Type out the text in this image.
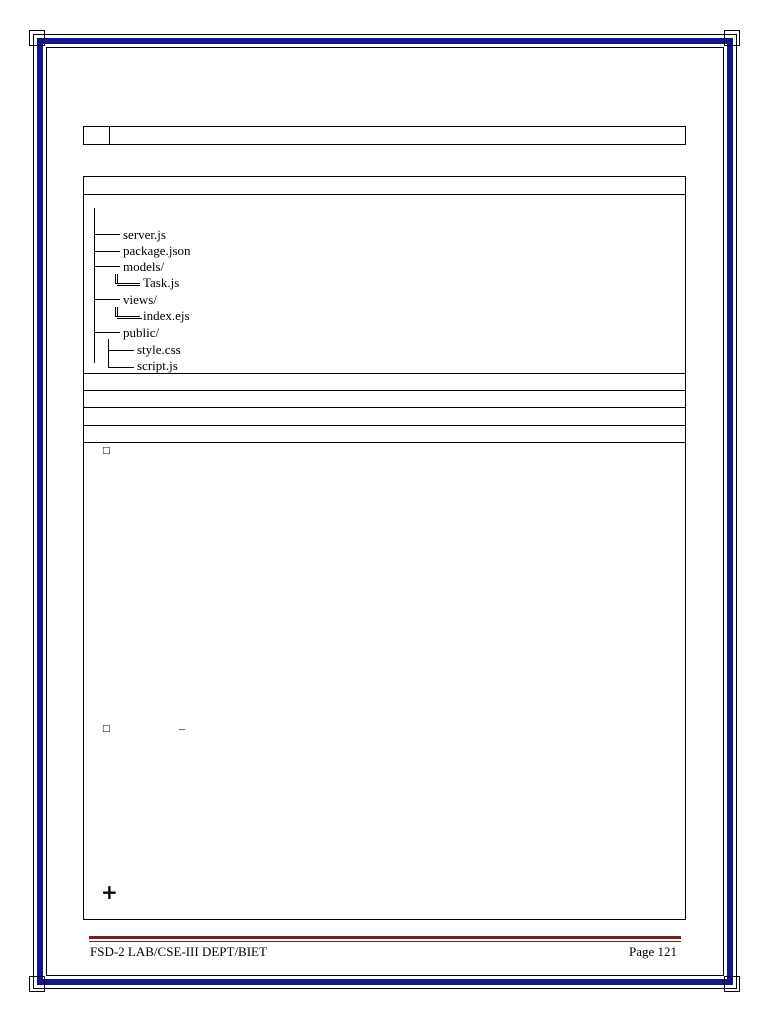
server.js
package.json
models/
Task.js
views/
index.ejs
public/
style.css
script.js
□
□	–
+
FSD-2 LAB/CSE-III DEPT/BIET	Page 121
